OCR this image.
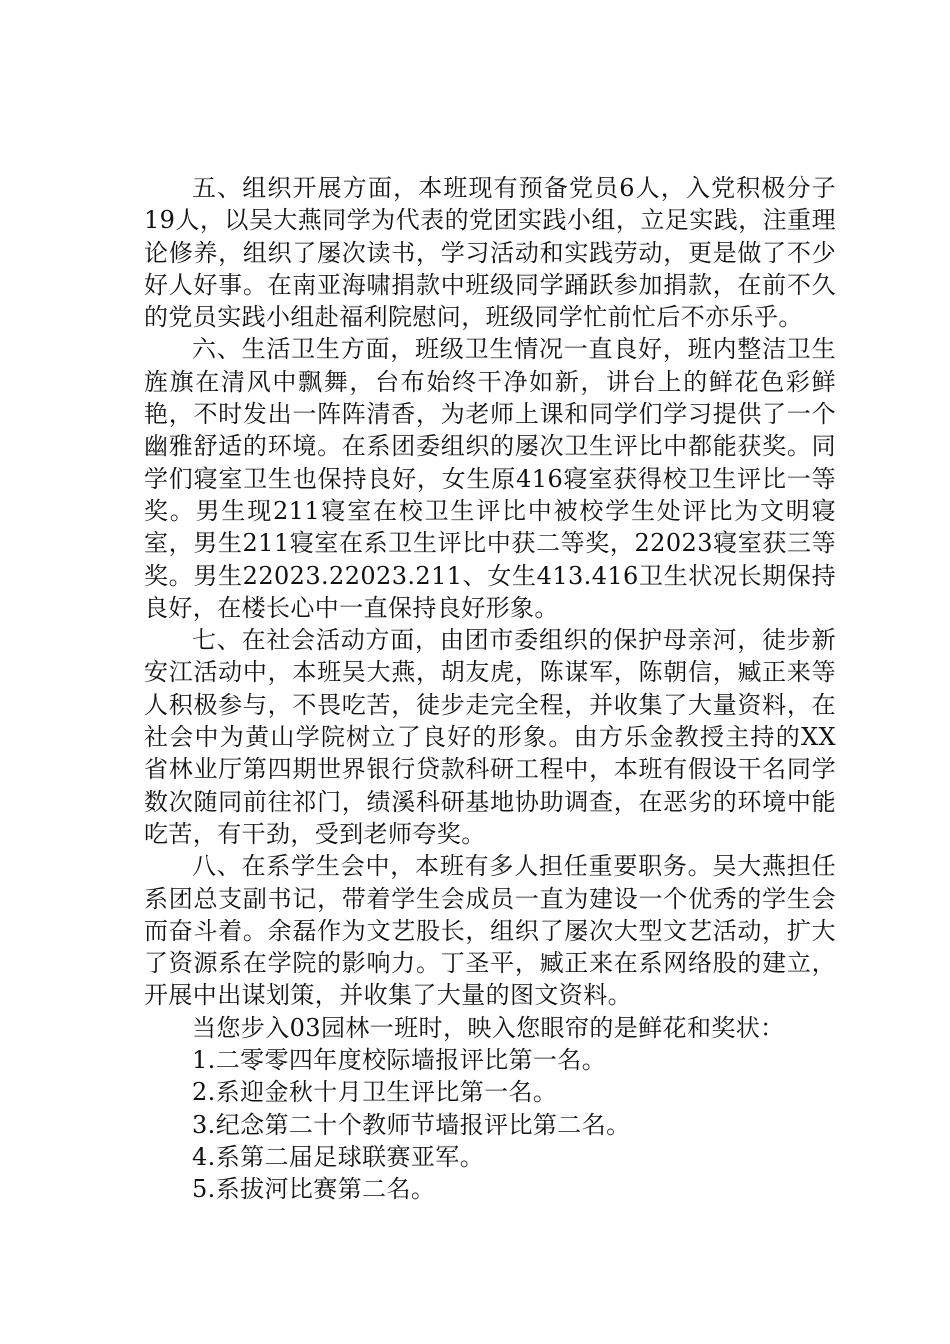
五、组织开展方面，本班现有预备党员6人，入党积极分子19人，以吴大燕同学为代表的党团实践小组，立足实践，注重理论修养，组织了屡次读书，学习活动和实践劳动，更是做了不少好人好事。在南亚海啸捐款中班级同学踊跃参加捐款，在前不久的党员实践小组赴福利院慰问，班级同学忙前忙后不亦乐乎。

六、生活卫生方面，班级卫生情况一直良好，班内整洁卫生旌旗在清风中飘舞，台布始终干净如新，讲台上的鲜花色彩鲜艳，不时发出一阵阵清香，为老师上课和同学们学习提供了一个幽雅舒适的环境。在系团委组织的屡次卫生评比中都能获奖。同学们寝室卫生也保持良好，女生原416寝室获得校卫生评比一等奖。男生现211寝室在校卫生评比中被校学生处评比为文明寝室，男生211寝室在系卫生评比中获二等奖，22023寝室获三等奖。男生22023.22023.211、女生413.416卫生状况长期保持良好，在楼长心中一直保持良好形象。

七、在社会活动方面，由团市委组织的保护母亲河，徒步新安江活动中，本班吴大燕，胡友虎，陈谋军，陈朝信，臧正来等人积极参与，不畏吃苦，徒步走完全程，并收集了大量资料，在社会中为黄山学院树立了良好的形象。由方乐金教授主持的XX省林业厅第四期世界银行贷款科研工程中，本班有假设干名同学数次随同前往祁门，绩溪科研基地协助调查，在恶劣的环境中能吃苦，有干劲，受到老师夸奖。

八、在系学生会中，本班有多人担任重要职务。吴大燕担任系团总支副书记，带着学生会成员一直为建设一个优秀的学生会而奋斗着。余磊作为文艺股长，组织了屡次大型文艺活动，扩大了资源系在学院的影响力。丁圣平，臧正来在系网络股的建立，开展中出谋划策，并收集了大量的图文资料。

当您步入03园林一班时，映入您眼帘的是鲜花和奖状：

1.二零零四年度校际墙报评比第一名。
2.系迎金秋十月卫生评比第一名。
3.纪念第二十个教师节墙报评比第二名。
4.系第二届足球联赛亚军。
5.系拔河比赛第二名。
